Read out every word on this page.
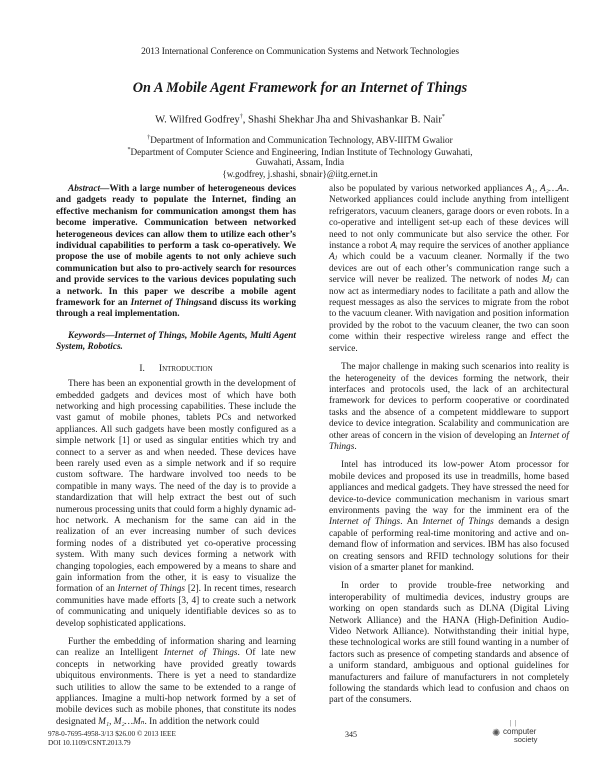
2013 International Conference on Communication Systems and Network Technologies
On A Mobile Agent Framework for an Internet of Things
W. Wilfred Godfrey†, Shashi Shekhar Jha and Shivashankar B. Nair*
†Department of Information and Communication Technology, ABV-IIITM Gwalior
*Department of Computer Science and Engineering, Indian Institute of Technology Guwahati,
Guwahati, Assam, India
{w.godfrey, j.shashi, sbnair}@iitg.ernet.in

Abstract—With a large number of heterogeneous devices and gadgets ready to populate the Internet, finding an effective mechanism for communication amongst them has become imperative. Communication between networked heterogeneous devices can allow them to utilize each other’s individual capabilities to perform a task co-operatively. We propose the use of mobile agents to not only achieve such communication but also to pro-actively search for resources and provide services to the various devices populating such a network. In this paper we describe a mobile agent framework for an Internet of Thingsand discuss its working through a real implementation.

Keywords—Internet of Things, Mobile Agents, Multi Agent System, Robotics.

I. Introduction

There has been an exponential growth in the development of embedded gadgets and devices most of which have both networking and high processing capabilities. These include the vast gamut of mobile phones, tablets PCs and networked appliances. All such gadgets have been mostly configured as a simple network [1] or used as singular entities which try and connect to a server as and when needed. These devices have been rarely used even as a simple network and if so require custom software. The hardware involved too needs to be compatible in many ways. The need of the day is to provide a standardization that will help extract the best out of such numerous processing units that could form a highly dynamic ad-hoc network. A mechanism for the same can aid in the realization of an ever increasing number of such devices forming nodes of a distributed yet co-operative processing system. With many such devices forming a network with changing topologies, each empowered by a means to share and gain information from the other, it is easy to visualize the formation of an Internet of Things [2]. In recent times, research communities have made efforts [3, 4] to create such a network of communicating and uniquely identifiable devices so as to develop sophisticated applications.

Further the embedding of information sharing and learning can realize an Intelligent Internet of Things. Of late new concepts in networking have provided greatly towards ubiquitous environments. There is yet a need to standardize such utilities to allow the same to be extended to a range of appliances. Imagine a multi-hop network formed by a set of mobile devices such as mobile phones, that constitute its nodes designated M₁, M₂…Mₙ. In addition the network could

also be populated by various networked appliances A₁, A₂…Aₙ. Networked appliances could include anything from intelligent refrigerators, vacuum cleaners, garage doors or even robots. In a co-operative and intelligent set-up each of these devices will need to not only communicate but also service the other. For instance a robot Aᵢ may require the services of another appliance Aⱼ which could be a vacuum cleaner. Normally if the two devices are out of each other’s communication range such a service will never be realized. The network of nodes Mⱼ can now act as intermediary nodes to facilitate a path and allow the request messages as also the services to migrate from the robot to the vacuum cleaner. With navigation and position information provided by the robot to the vacuum cleaner, the two can soon come within their respective wireless range and effect the service.

The major challenge in making such scenarios into reality is the heterogeneity of the devices forming the network, their interfaces and protocols used, the lack of an architectural framework for devices to perform cooperative or coordinated tasks and the absence of a competent middleware to support device to device integration. Scalability and communication are other areas of concern in the vision of developing an Internet of Things.

Intel has introduced its low-power Atom processor for mobile devices and proposed its use in treadmills, home based appliances and medical gadgets. They have stressed the need for device-to-device communication mechanism in various smart environments paving the way for the imminent era of the Internet of Things. An Internet of Things demands a design capable of performing real-time monitoring and active and on-demand flow of information and services. IBM has also focused on creating sensors and RFID technology solutions for their vision of a smarter planet for mankind.

In order to provide trouble-free networking and interoperability of multimedia devices, industry groups are working on open standards such as DLNA (Digital Living Network Alliance) and the HANA (High-Definition Audio-Video Network Alliance). Notwithstanding their initial hype, these technological works are still found wanting in a number of factors such as presence of competing standards and absence of a uniform standard, ambiguous and optional guidelines for manufacturers and failure of manufacturers in not completely following the standards which lead to confusion and chaos on part of the consumers.

978-0-7695-4958-3/13 $26.00 © 2013 IEEE
DOI 10.1109/CSNT.2013.79
345
| |
✺ computer
society
